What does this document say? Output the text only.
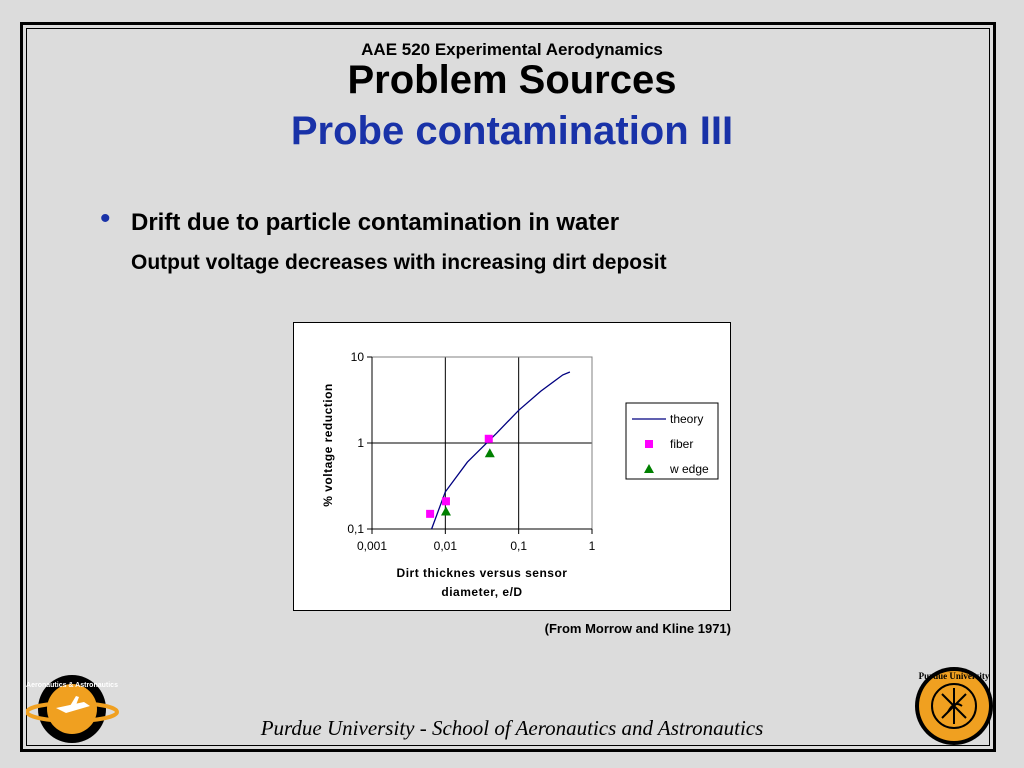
AAE 520 Experimental Aerodynamics
Problem Sources
Probe contamination III
• Drift due to particle contamination in water
Output voltage decreases with increasing dirt deposit
% voltage reduction
Dirt thicknes versus sensor
diameter, e/D
0,1
1
10
0,001	0,01	0,1	1
theory
fiber
w edge
(From Morrow and Kline 1971)
Purdue University - School of Aeronautics and Astronautics
Aeronautics & Astronautics
Purdue University
